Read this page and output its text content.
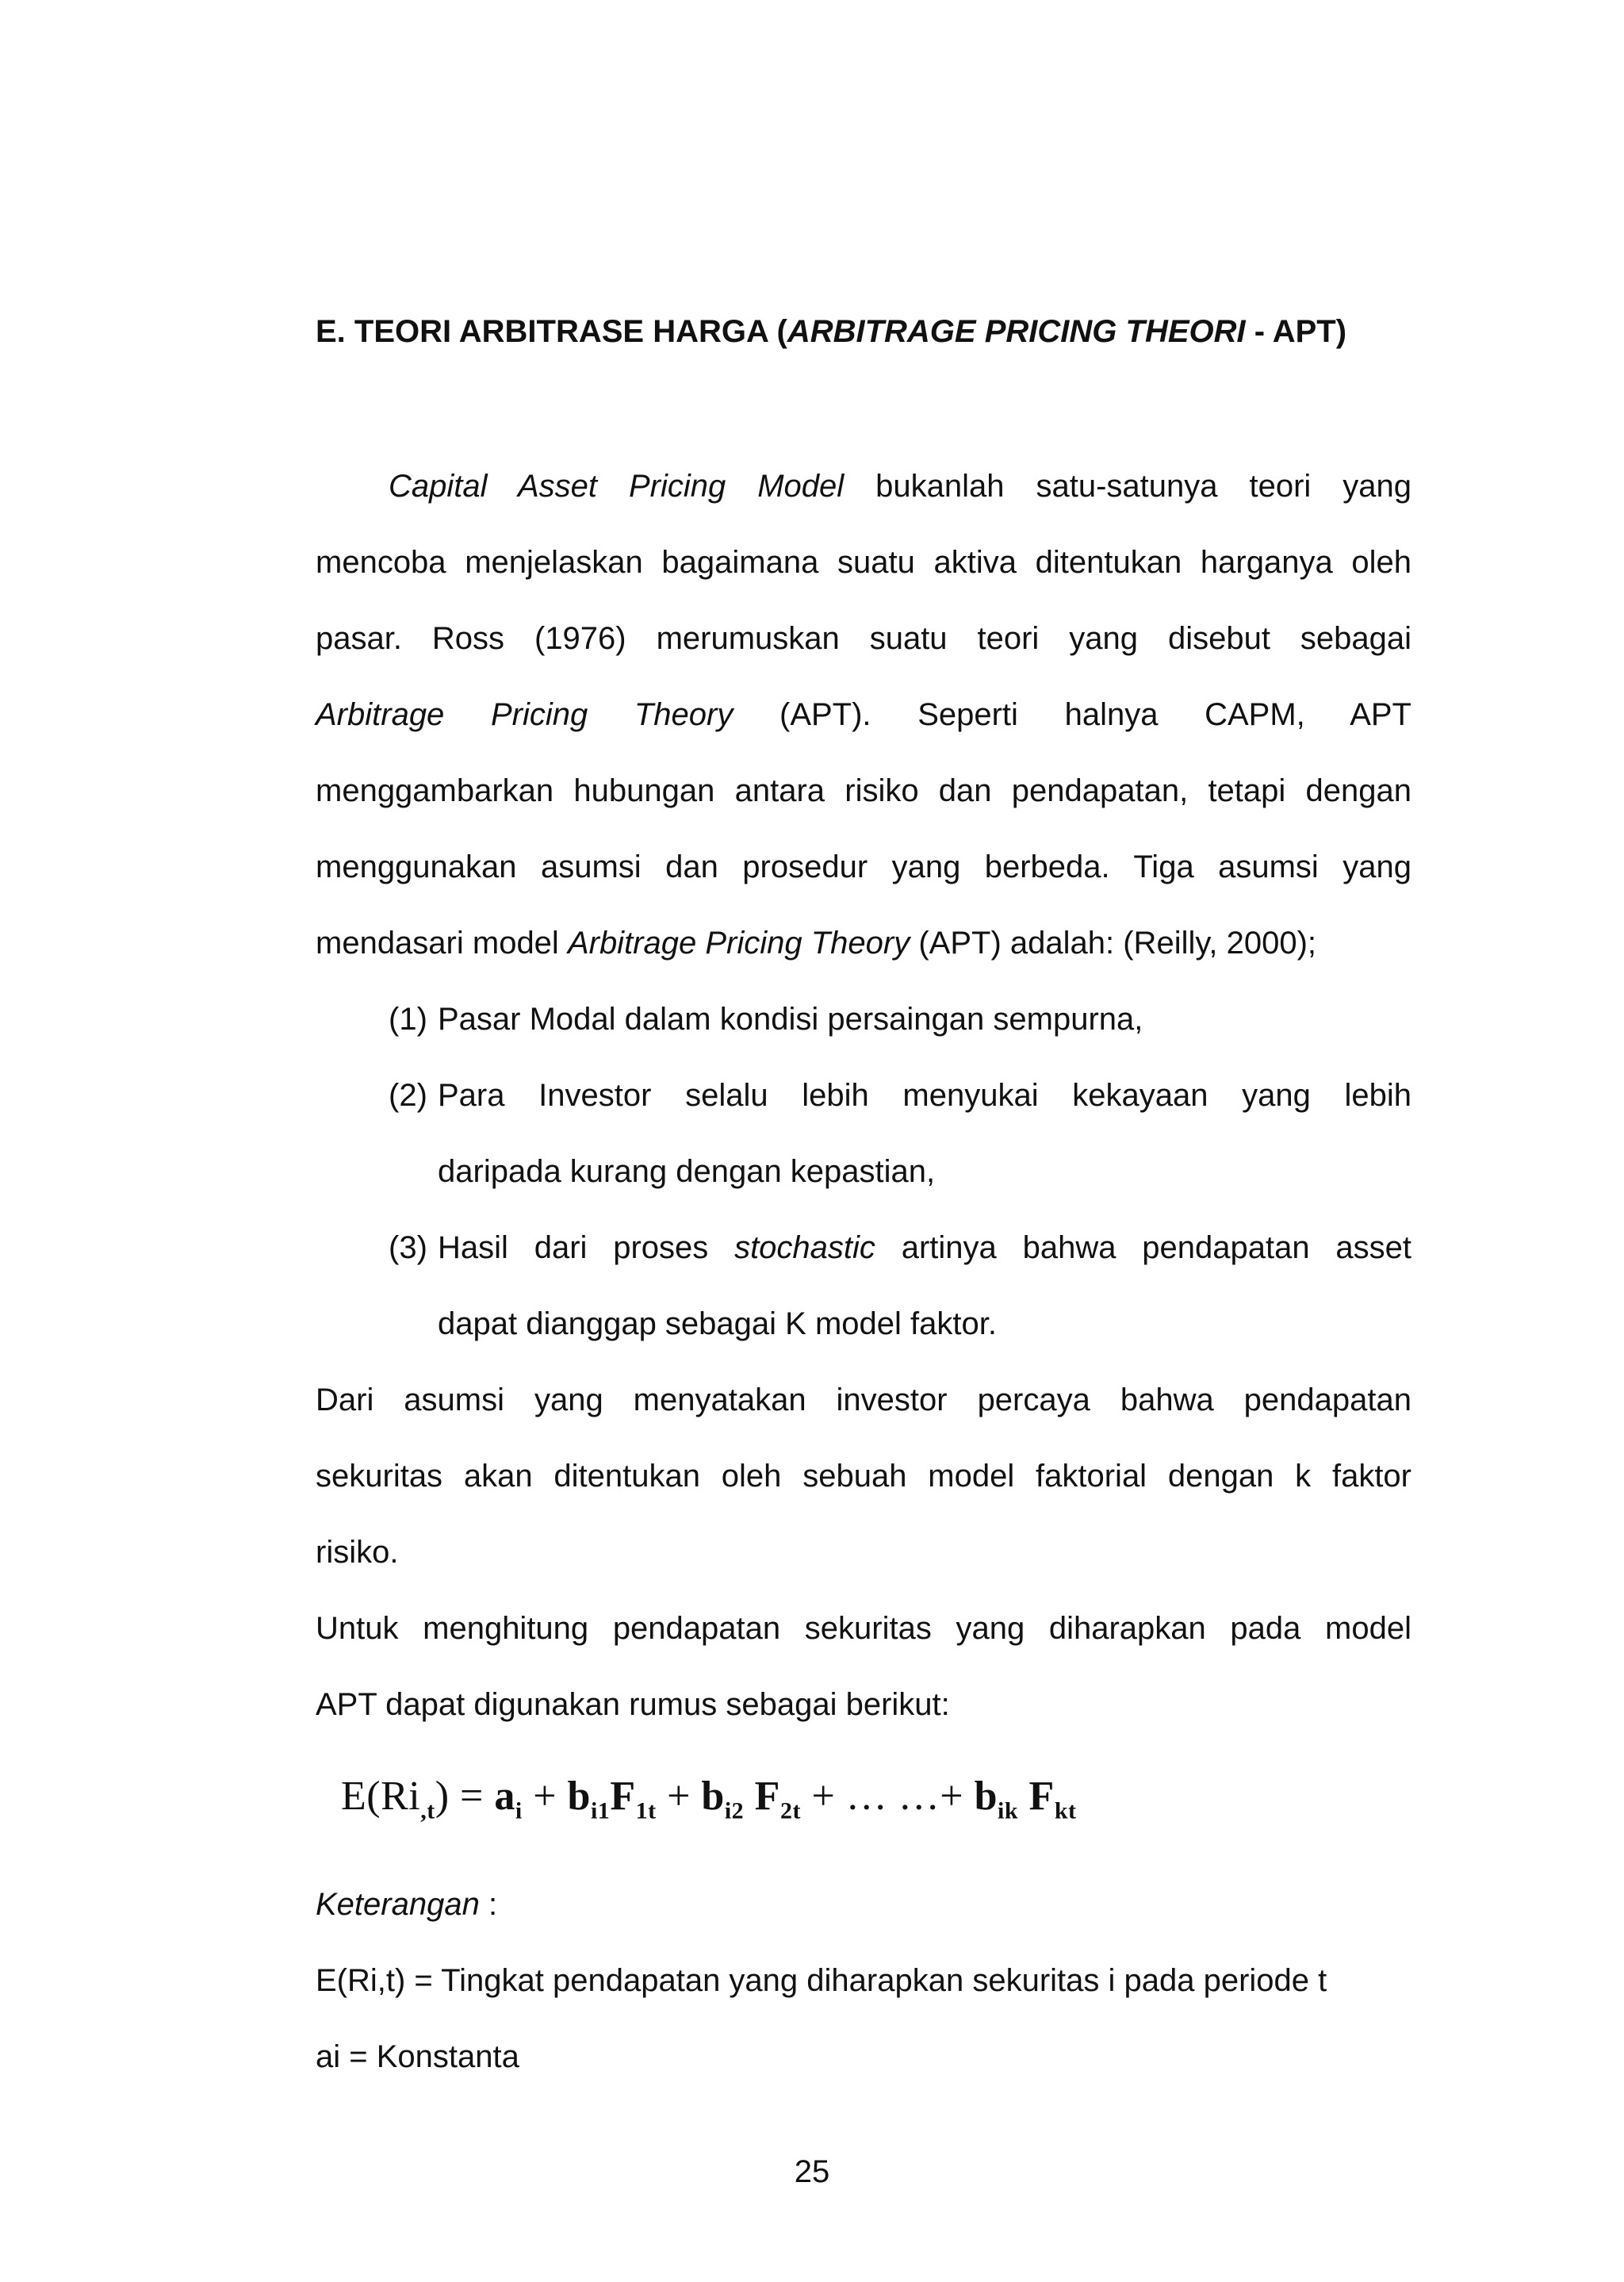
E. TEORI ARBITRASE HARGA (ARBITRAGE PRICING THEORI - APT)
Capital Asset Pricing Model bukanlah satu-satunya teori yang
mencoba menjelaskan bagaimana suatu aktiva ditentukan harganya oleh
pasar. Ross (1976) merumuskan suatu teori yang disebut sebagai
Arbitrage Pricing Theory (APT). Seperti halnya CAPM, APT
menggambarkan hubungan antara risiko dan pendapatan, tetapi dengan
menggunakan asumsi dan prosedur yang berbeda. Tiga asumsi yang
mendasari model Arbitrage Pricing Theory (APT) adalah: (Reilly, 2000);
(1) Pasar Modal dalam kondisi persaingan sempurna,
(2) Para Investor selalu lebih menyukai kekayaan yang lebih
daripada kurang dengan kepastian,
(3) Hasil dari proses stochastic artinya bahwa pendapatan asset
dapat dianggap sebagai K model faktor.
Dari asumsi yang menyatakan investor percaya bahwa pendapatan
sekuritas akan ditentukan oleh sebuah model faktorial dengan k faktor
risiko.
Untuk menghitung pendapatan sekuritas yang diharapkan pada model
APT dapat digunakan rumus sebagai berikut:
$E(Ri_{,t}) = a_i + b_{i1}F_{1t} + b_{i2}$ $F_{2t}$ + … …+ $b_{ik}$ $F_{kt}$
Keterangan :
E(Ri,t) = Tingkat pendapatan yang diharapkan sekuritas i pada periode t
ai = Konstanta
25
